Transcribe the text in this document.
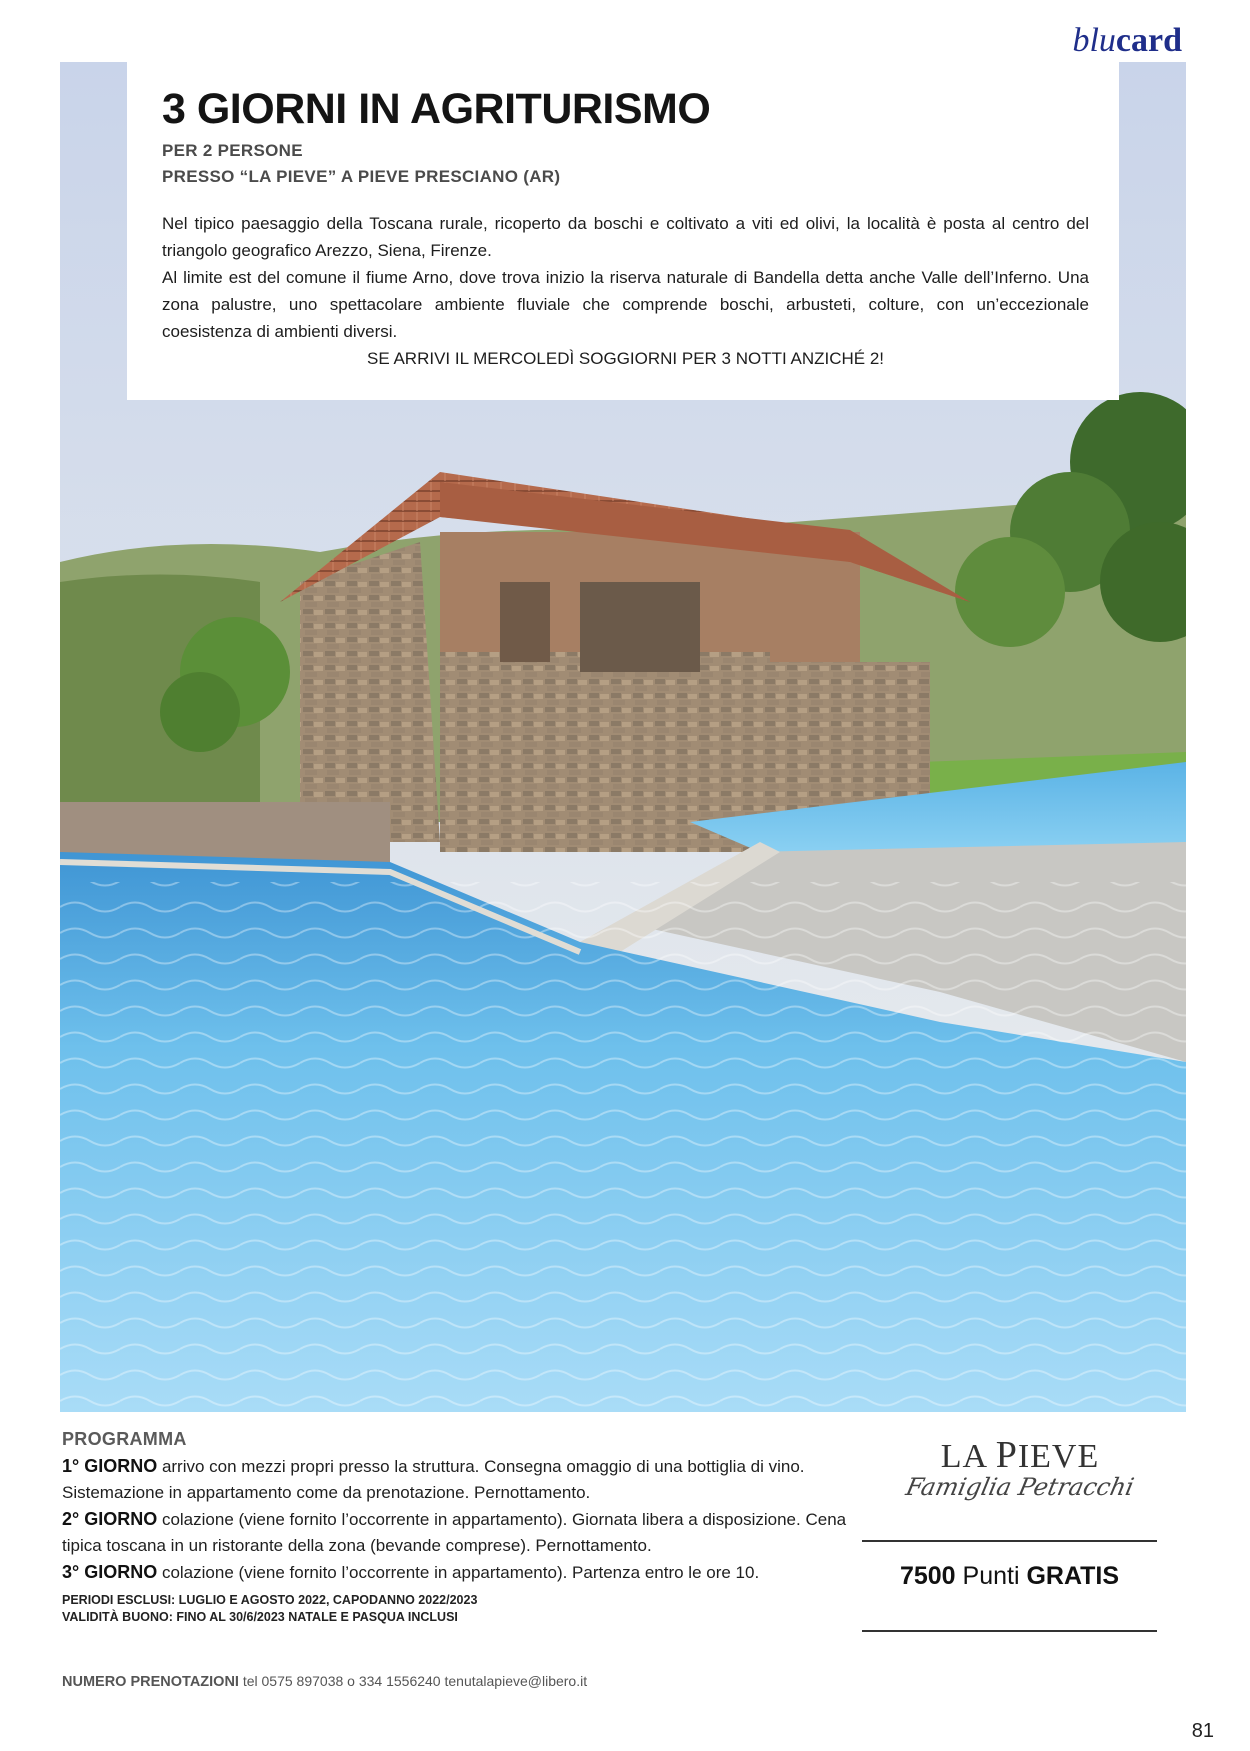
blucard
3 GIORNI IN AGRITURISMO
PER 2 PERSONE
PRESSO “LA PIEVE” A PIEVE PRESCIANO (AR)

Nel tipico paesaggio della Toscana rurale, ricoperto da boschi e coltivato a viti ed olivi, la località è posta al centro del triangolo geografico Arezzo, Siena, Firenze.

Al limite est del comune il fiume Arno, dove trova inizio la riserva naturale di Bandella detta anche Valle dell’Inferno. Una zona palustre, uno spettacolare ambiente fluviale che comprende boschi, arbusteti, colture, con un’eccezionale coesistenza di ambienti diversi.

SE ARRIVI IL MERCOLEDÌ SOGGIORNI PER 3 NOTTI ANZICHÉ 2!
PROGRAMMA
1° GIORNO arrivo con mezzi propri presso la struttura. Consegna omaggio di una bottiglia di vino. Sistemazione in appartamento come da prenotazione. Pernottamento.
2° GIORNO colazione (viene fornito l’occorrente in appartamento). Giornata libera a disposizione. Cena tipica toscana in un ristorante della zona (bevande comprese). Pernottamento.
3° GIORNO colazione (viene fornito l’occorrente in appartamento). Partenza entro le ore 10.
PERIODI ESCLUSI: LUGLIO E AGOSTO 2022, CAPODANNO 2022/2023
VALIDITÀ BUONO: FINO AL 30/6/2023 NATALE E PASQUA INCLUSI
LA PIEVE
Famiglia Petracchi
7500 Punti GRATIS
NUMERO PRENOTAZIONI tel 0575 897038 o 334 1556240 tenutalapieve@libero.it
81
